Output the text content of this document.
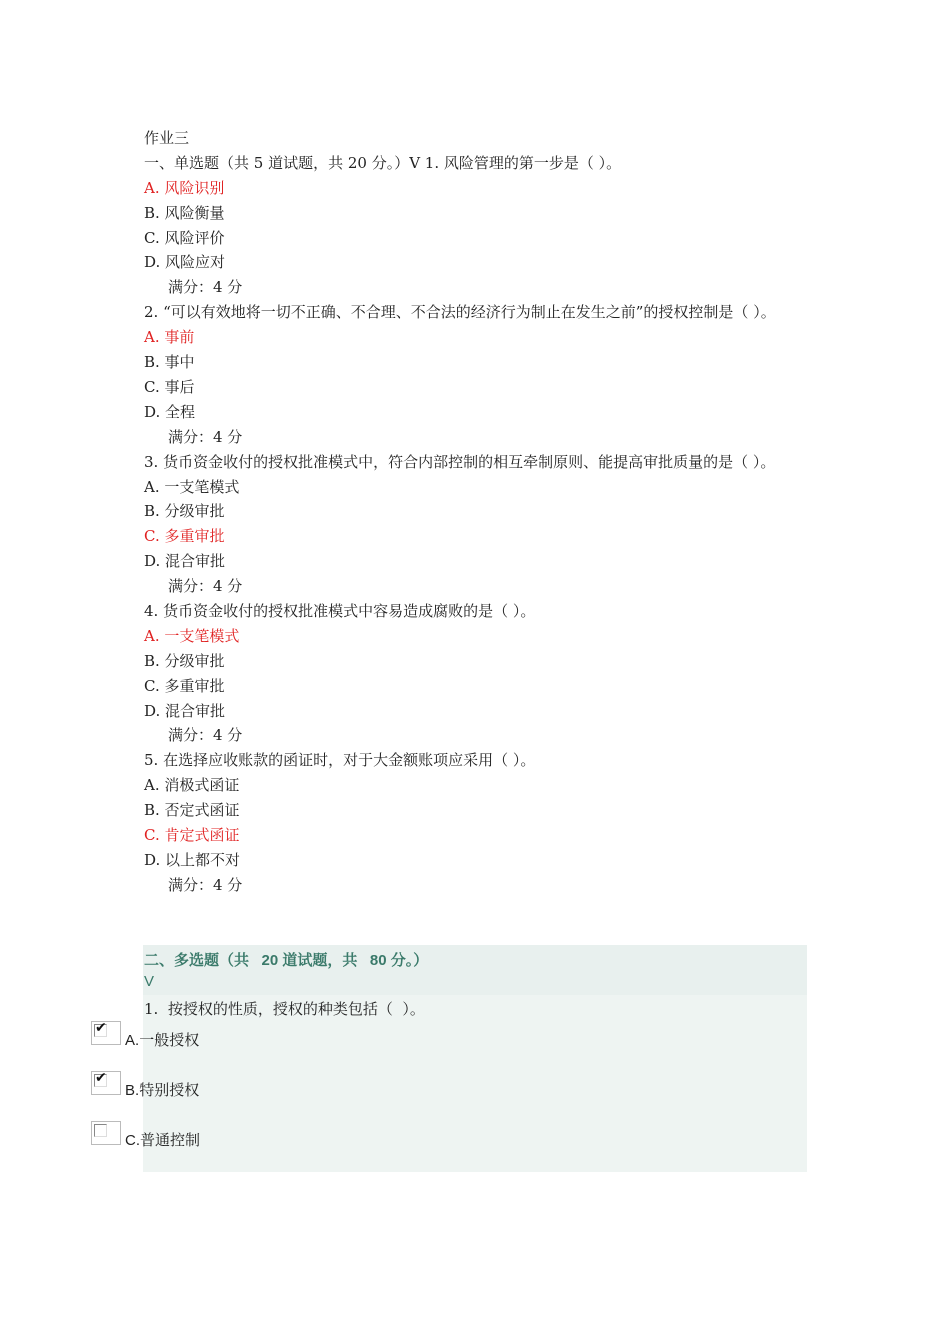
作业三
一、单选题（共 5 道试题，共 20 分。）V 1. 风险管理的第一步是（ ）。
A. 风险识别
B. 风险衡量
C. 风险评价
D. 风险应对
满分：4 分
2. “可以有效地将一切不正确、不合理、不合法的经济行为制止在发生之前”的授权控制是（ ）。
A. 事前
B. 事中
C. 事后
D. 全程
满分：4 分
3. 货币资金收付的授权批准模式中，符合内部控制的相互牵制原则、能提高审批质量的是（ ）。
A. 一支笔模式
B. 分级审批
C. 多重审批
D. 混合审批
满分：4 分
4. 货币资金收付的授权批准模式中容易造成腐败的是（ ）。
A. 一支笔模式
B. 分级审批
C. 多重审批
D. 混合审批
满分：4 分
5. 在选择应收账款的函证时，对于大金额账项应采用（ ）。
A. 消极式函证
B. 否定式函证
C. 肯定式函证
D. 以上都不对
满分：4 分
二、多选题（共   20 道试题，共   80 分。）
V
1.  按授权的性质，授权的种类包括（  ）。
✔
A.一般授权
✔
B.特别授权
C.普通控制
